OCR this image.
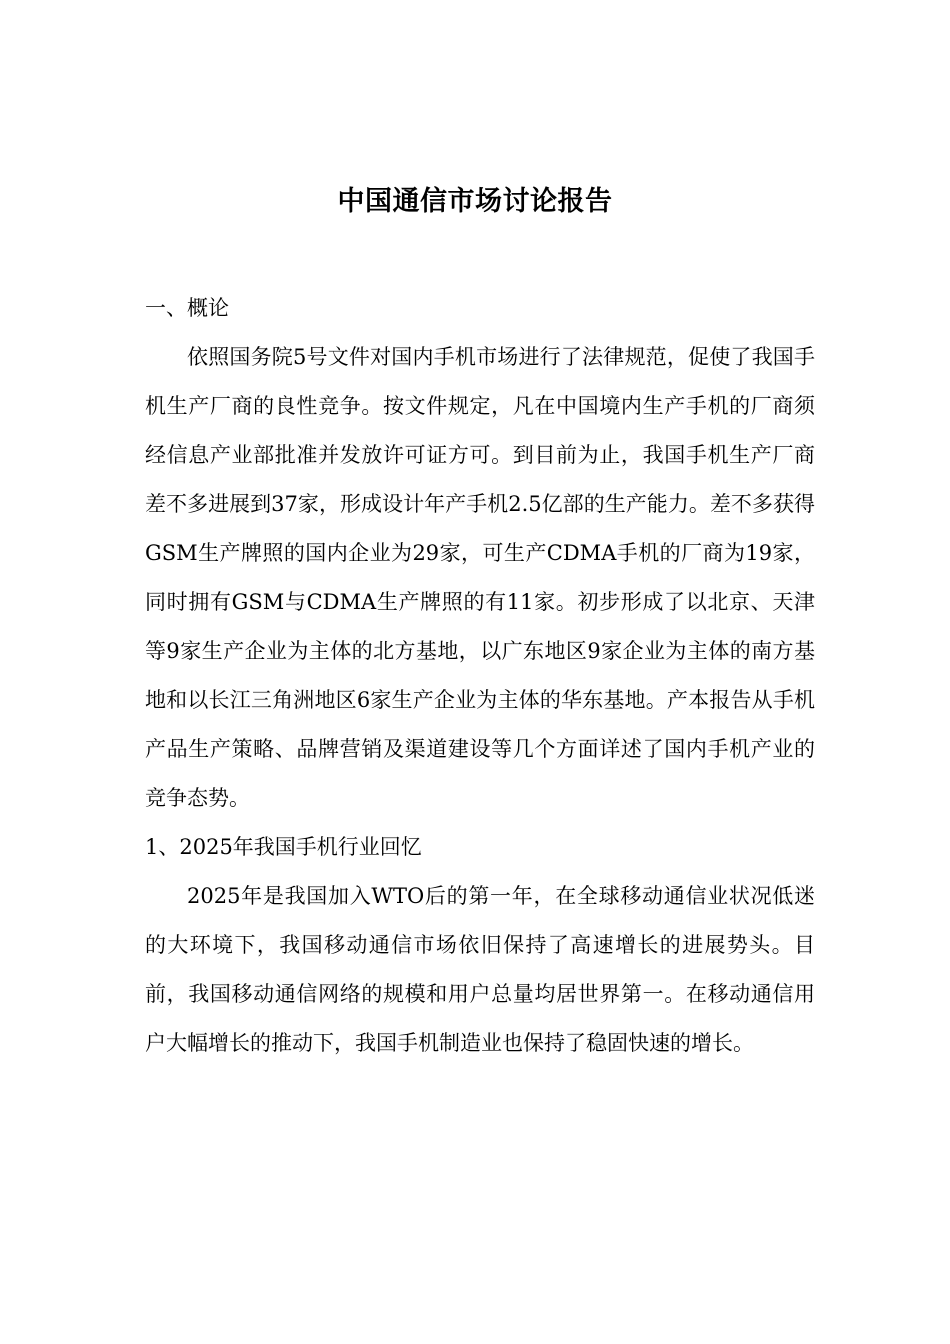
中国通信市场讨论报告
一、概论

依照国务院5号文件对国内手机市场进行了法律规范，促使了我国手机生产厂商的良性竞争。按文件规定，凡在中国境内生产手机的厂商须经信息产业部批准并发放许可证方可。到目前为止，我国手机生产厂商差不多进展到37家，形成设计年产手机2.5亿部的生产能力。差不多获得GSM生产牌照的国内企业为29家，可生产CDMA手机的厂商为19家，同时拥有GSM与CDMA生产牌照的有11家。初步形成了以北京、天津等9家生产企业为主体的北方基地，以广东地区9家企业为主体的南方基地和以长江三角洲地区6家生产企业为主体的华东基地。产本报告从手机产品生产策略、品牌营销及渠道建设等几个方面详述了国内手机产业的竞争态势。

1、2025年我国手机行业回忆

2025年是我国加入WTO后的第一年，在全球移动通信业状况低迷的大环境下，我国移动通信市场依旧保持了高速增长的进展势头。目前，我国移动通信网络的规模和用户总量均居世界第一。在移动通信用户大幅增长的推动下，我国手机制造业也保持了稳固快速的增长。
